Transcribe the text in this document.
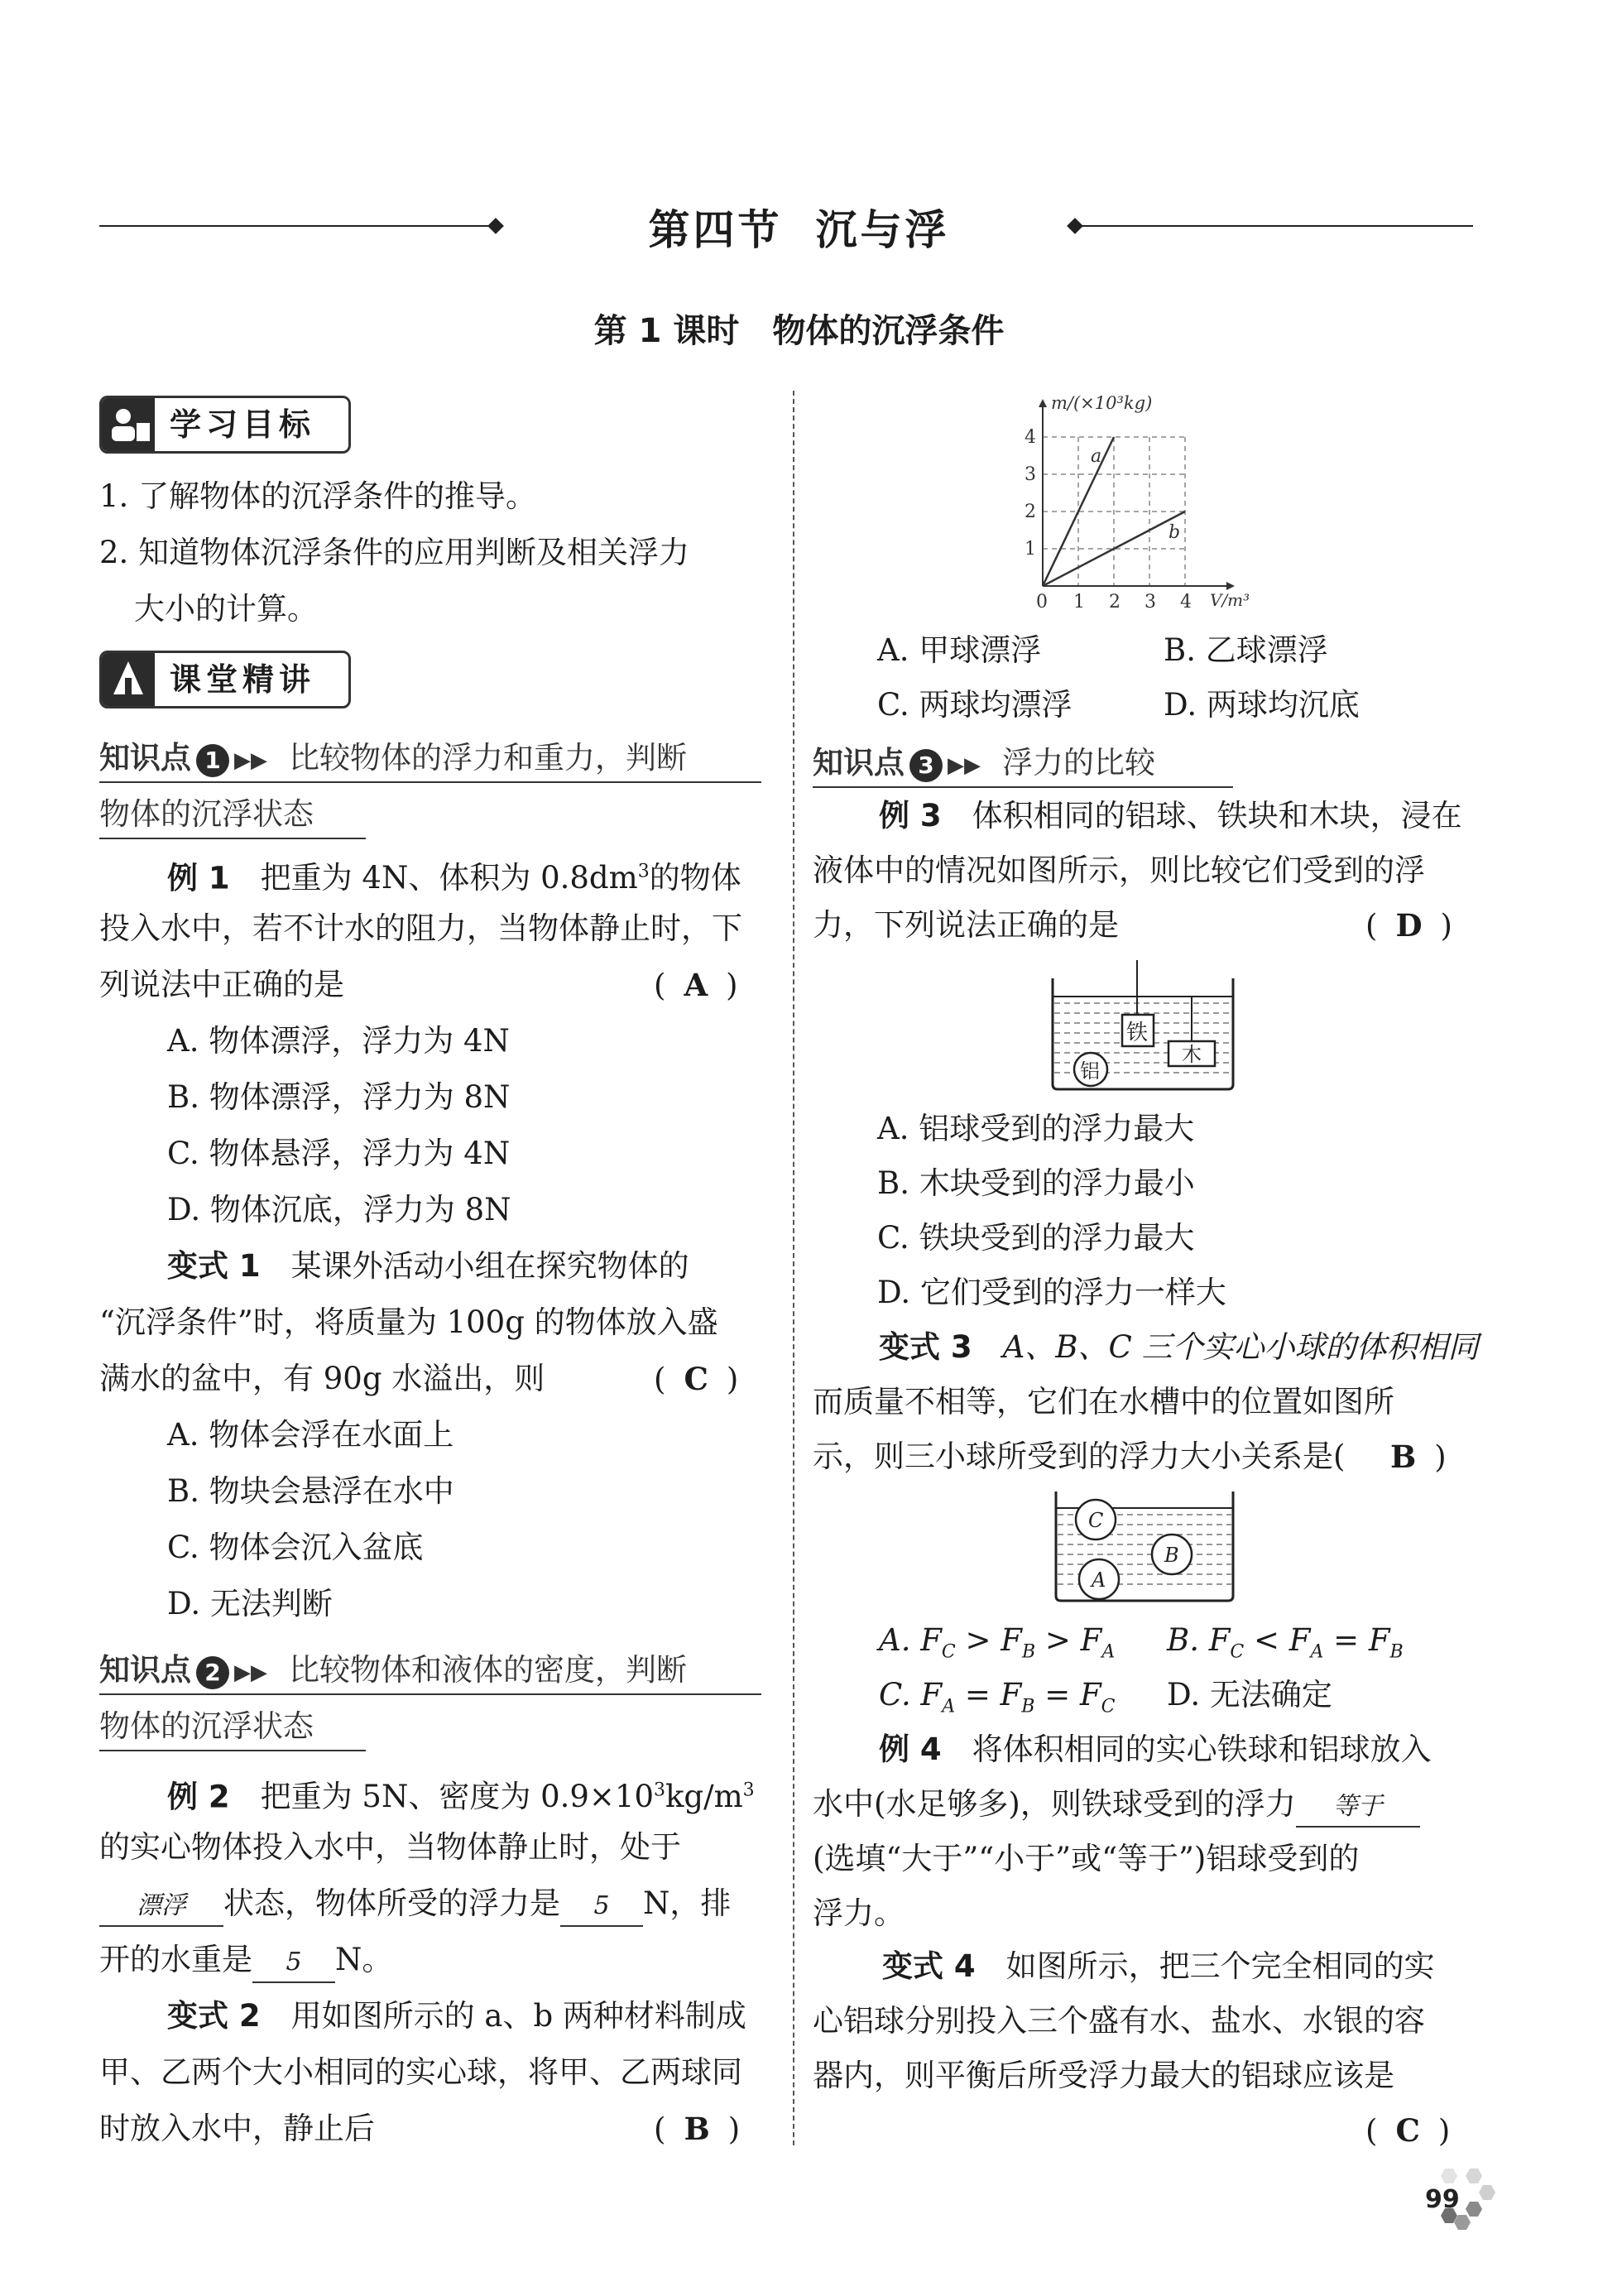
第四节 沉与浮
第 1 课时　物体的沉浮条件
学习目标
1. 了解物体的沉浮条件的推导。
2. 知道物体沉浮条件的应用判断及相关浮力
大小的计算。
课堂精讲
知识点 1 ▶▶ 比较物体的浮力和重力，判断
物体的沉浮状态
例 1　 把重为 4N、体积为 $0.8dm^3$的物体
投入水中，若不计水的阻力，当物体静止时，下
列说法中正确的是	( A )
A. 物体漂浮，浮力为 4N
B. 物体漂浮，浮力为 8N
C. 物体悬浮，浮力为 4N
D. 物体沉底，浮力为 8N
变式 1　 某课外活动小组在探究物体的
“沉浮条件”时，将质量为 100g 的物体放入盛
满水的盆中，有 90g 水溢出，则	( C )
A. 物体会浮在水面上
B. 物块会悬浮在水中
C. 物体会沉入盆底
D. 无法判断
知识点 2 ▶▶ 比较物体和液体的密度，判断
物体的沉浮状态
例 2　 把重为 5N、密度为 $0.9\times 10^3kg/m^3$
的实心物体投入水中，当物体静止时，处于
漂浮 状态，物体所受的浮力是 5 N，排
开的水重是 5 N。
变式 2　 用如图所示的 a、b 两种材料制成
甲、乙两个大小相同的实心球，将甲、乙两球同
时放入水中，静止后	( B )
a
b
m/(×10³kg)
V/m³
1
2
3
4
0 1 2 3 4
A. 甲球漂浮	B. 乙球漂浮
C. 两球均漂浮	D. 两球均沉底
知识点 3 ▶▶ 浮力的比较
例 3　 体积相同的铝球、铁块和木块，浸在
液体中的情况如图所示，则比较它们受到的浮
力，下列说法正确的是	( D )
铁
铝
木
A. 铝球受到的浮力最大
B. 木块受到的浮力最小
C. 铁块受到的浮力最大
D. 它们受到的浮力一样大
变式 3　 A、B、C 三个实心小球的体积相同
而质量不相等，它们在水槽中的位置如图所
示，则三小球所受到的浮力大小关系是( B )
C
B
A
A. $F_C > F_B > F_A$ B. $F_C < F_A = F_B$
C. $F_A = F_B = F_C$ D. 无法确定
例 4　 将体积相同的实心铁球和铝球放入
水中(水足够多)，则铁球受到的浮力 等于
(选填“大于”“小于”或“等于”)铝球受到的
浮力。
变式 4　 如图所示，把三个完全相同的实
心铝球分别投入三个盛有水、盐水、水银的容
器内，则平衡后所受浮力最大的铝球应该是
( C )
99
